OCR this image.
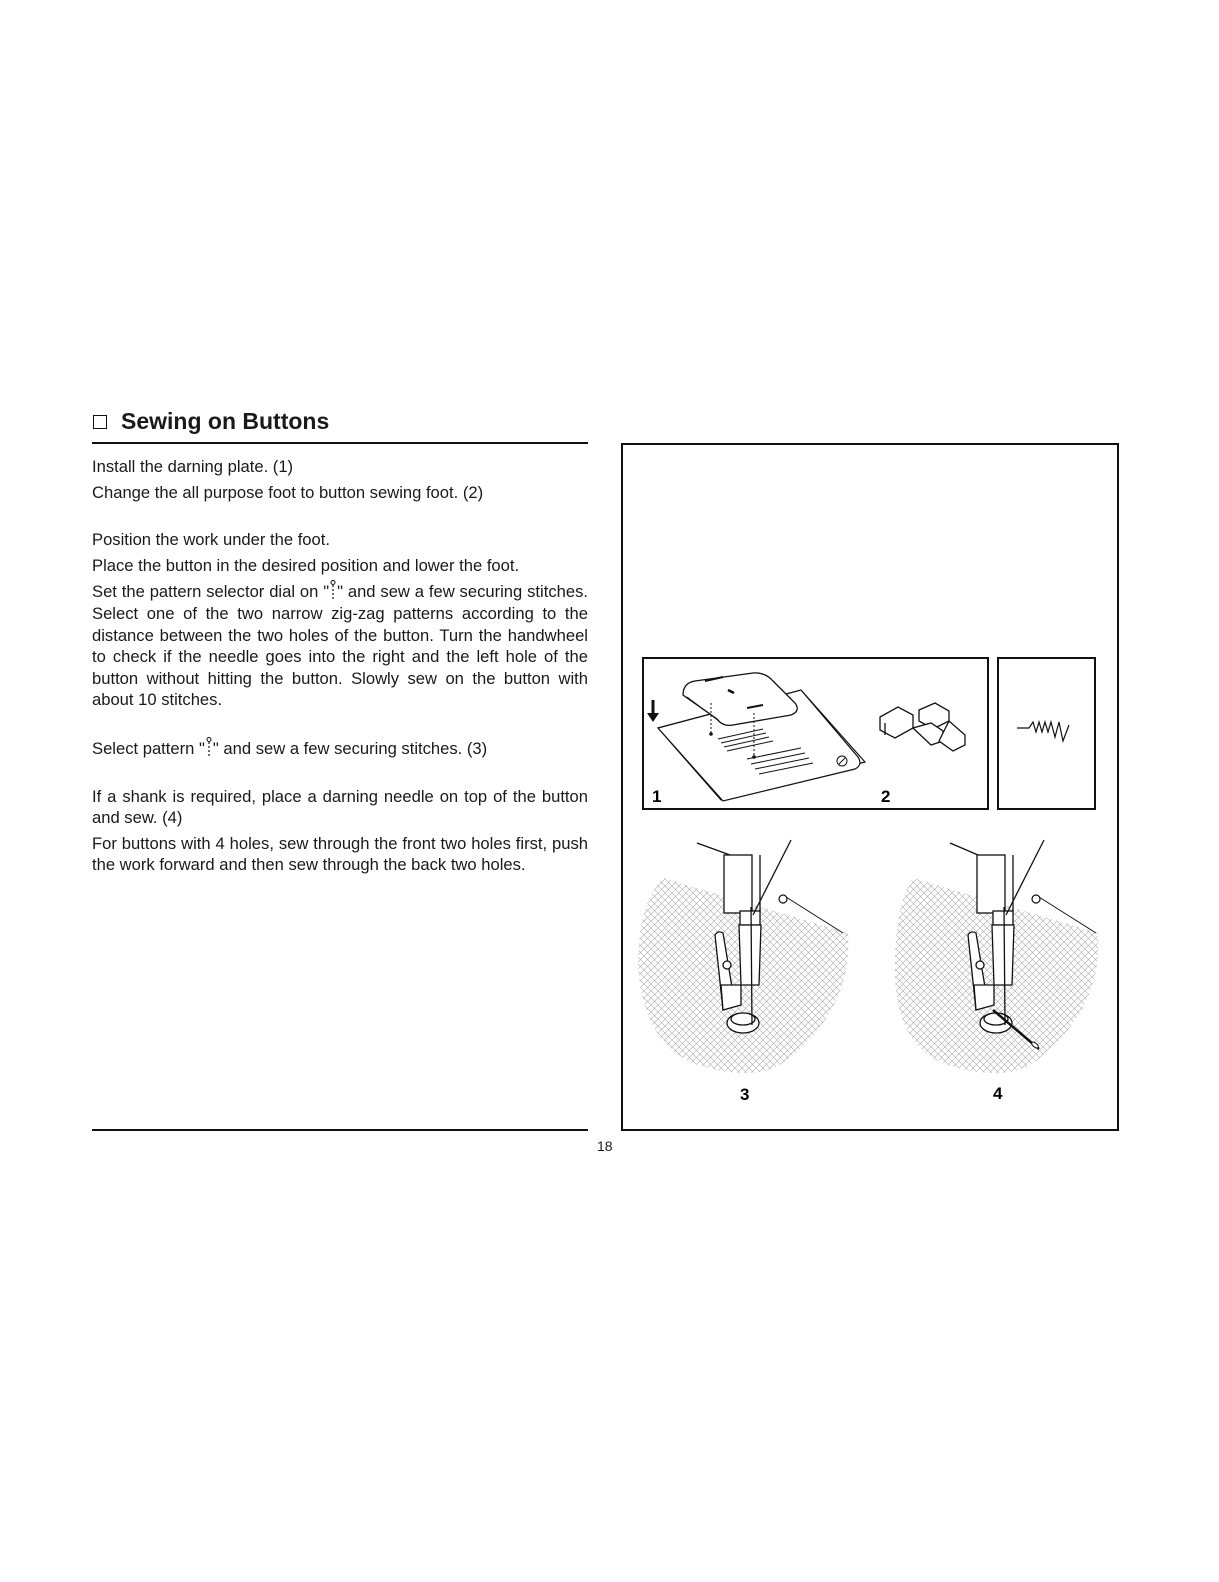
Sewing on Buttons

Install the darning plate. (1)

Change the all purpose foot to button sewing foot. (2)

Position the work under the foot.

Place the button in the desired position and lower the foot.

Set the pattern selector dial on " " and sew a few securing stitches. Select one of the two narrow zig-zag patterns according to the distance between the two holes of the button. Turn the handwheel to check if the needle goes into the right and the left hole of the button without hitting the button. Slowly sew on the button with about 10 stitches.

Select pattern " " and sew a few securing stitches. (3)

If a shank is required, place a darning needle on top of the button and sew. (4)

For buttons with 4 holes, sew through the front two holes first, push the work forward and then sew through the back two holes.

18
1	2
3	4
